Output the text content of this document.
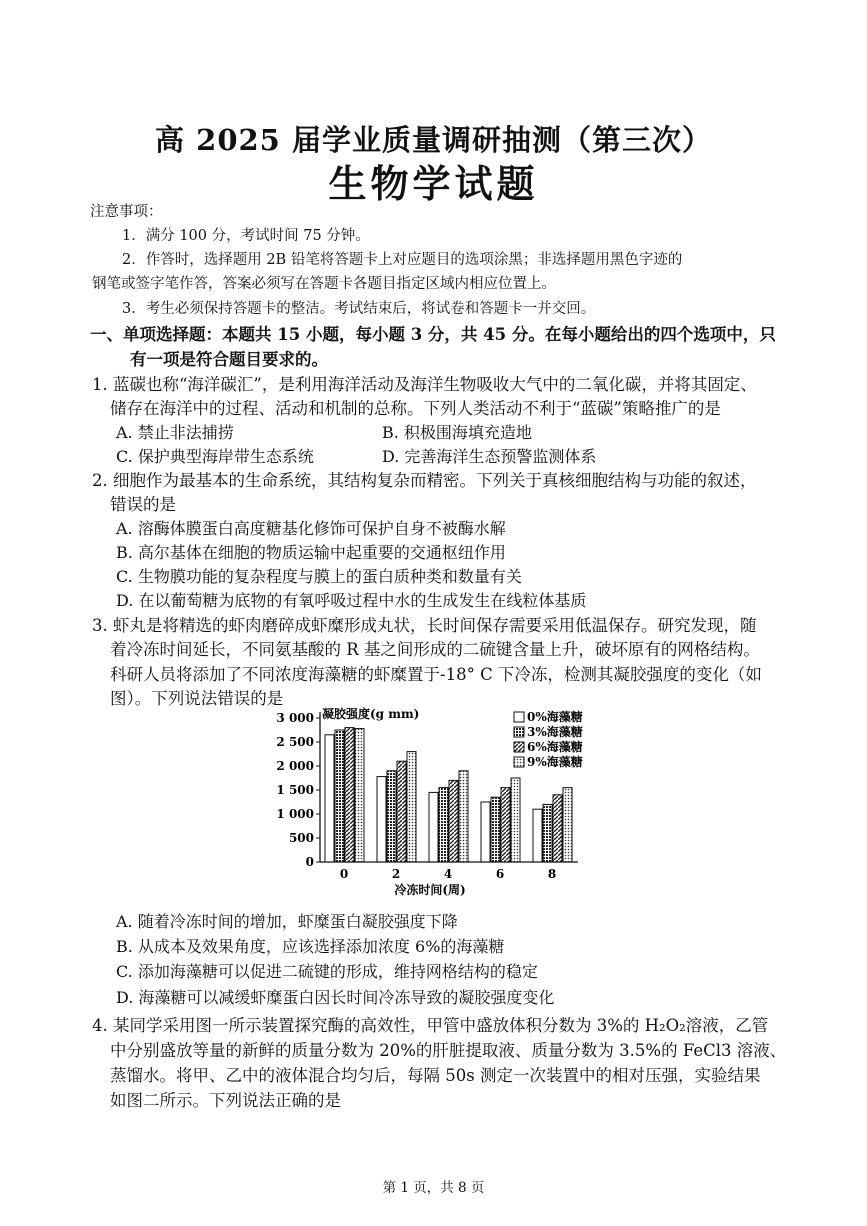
高 2025 届学业质量调研抽测（第三次）
生物学试题
注意事项：
1．满分 100 分，考试时间 75 分钟。
2．作答时，选择题用 2B 铅笔将答题卡上对应题目的选项涂黑；非选择题用黑色字迹的
钢笔或签字笔作答，答案必须写在答题卡各题目指定区域内相应位置上。
3．考生必须保持答题卡的整洁。考试结束后，将试卷和答题卡一并交回。
一、单项选择题：本题共 15 小题，每小题 3 分，共 45 分。在每小题给出的四个选项中，只
有一项是符合题目要求的。
1. 蓝碳也称“海洋碳汇”，是利用海洋活动及海洋生物吸收大气中的二氧化碳，并将其固定、
储存在海洋中的过程、活动和机制的总称。下列人类活动不利于“蓝碳”策略推广的是
A. 禁止非法捕捞	B. 积极围海填充造地
C. 保护典型海岸带生态系统	D. 完善海洋生态预警监测体系
2. 细胞作为最基本的生命系统，其结构复杂而精密。下列关于真核细胞结构与功能的叙述，
错误的是
A. 溶酶体膜蛋白高度糖基化修饰可保护自身不被酶水解
B. 高尔基体在细胞的物质运输中起重要的交通枢纽作用
C. 生物膜功能的复杂程度与膜上的蛋白质种类和数量有关
D. 在以葡萄糖为底物的有氧呼吸过程中水的生成发生在线粒体基质
3. 虾丸是将精选的虾肉磨碎成虾糜形成丸状，长时间保存需要采用低温保存。研究发现，随
着冷冻时间延长，不同氨基酸的 R 基之间形成的二硫键含量上升，破坏原有的网格结构。
科研人员将添加了不同浓度海藻糖的虾糜置于-18° C 下冷冻，检测其凝胶强度的变化（如
图）。下列说法错误的是
凝胶强度(g mm)
冷冻时间(周)
0
500
1 000
1 500
2 000
2 500
3 000
0	2	4	6	8
0%海藻糖
3%海藻糖
6%海藻糖
9%海藻糖
A. 随着冷冻时间的增加，虾糜蛋白凝胶强度下降
B. 从成本及效果角度，应该选择添加浓度 6%的海藻糖
C. 添加海藻糖可以促进二硫键的形成，维持网格结构的稳定
D. 海藻糖可以减缓虾糜蛋白因长时间冷冻导致的凝胶强度变化
4. 某同学采用图一所示装置探究酶的高效性，甲管中盛放体积分数为 3%的 H₂O₂溶液，乙管
中分别盛放等量的新鲜的质量分数为 20%的肝脏提取液、质量分数为 3.5%的 FeCl3 溶液、
蒸馏水。将甲、乙中的液体混合均匀后，每隔 50s 测定一次装置中的相对压强，实验结果
如图二所示。下列说法正确的是
第 1 页，共 8 页
